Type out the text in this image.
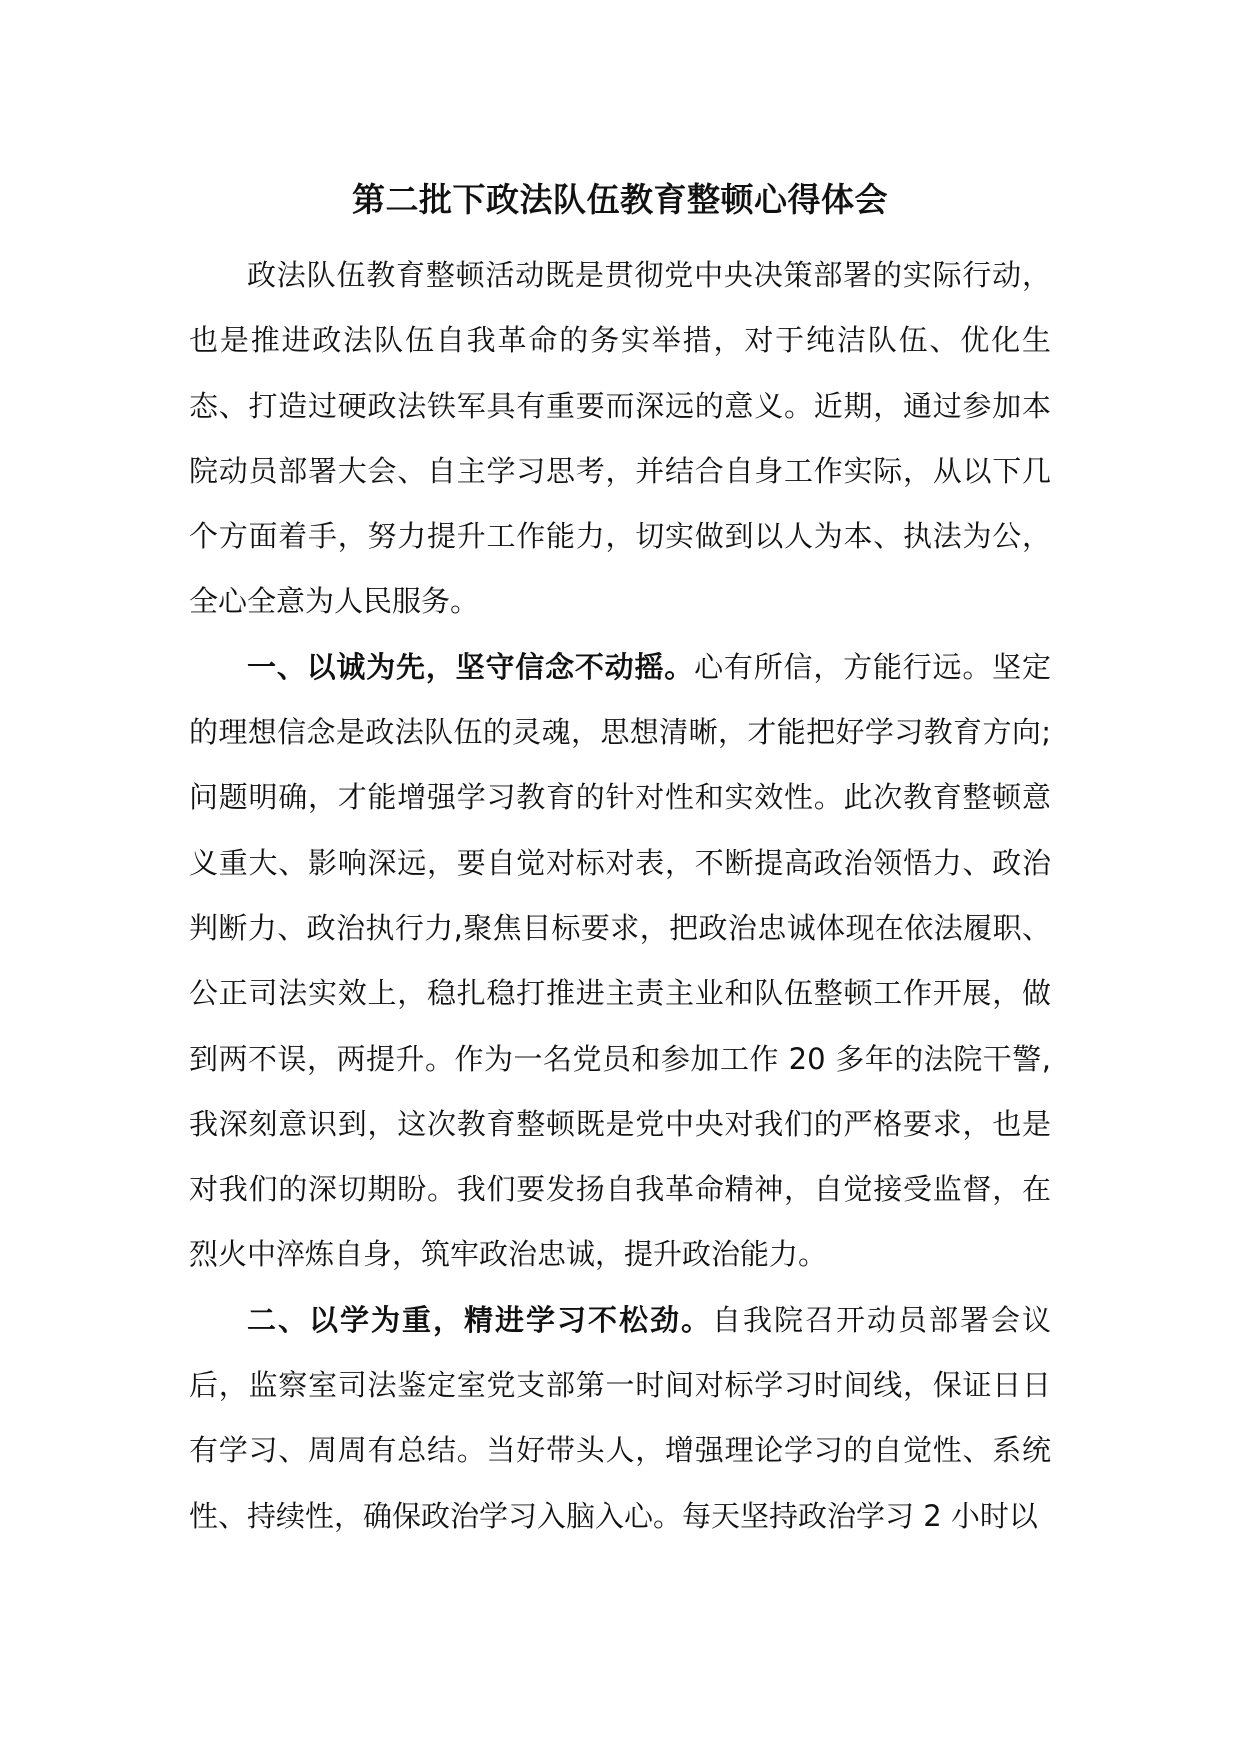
第二批下政法队伍教育整顿心得体会

政法队伍教育整顿活动既是贯彻党中央决策部署的实际行动，也是推进政法队伍自我革命的务实举措，对于纯洁队伍、优化生态、打造过硬政法铁军具有重要而深远的意义。近期，通过参加本院动员部署大会、自主学习思考，并结合自身工作实际，从以下几个方面着手，努力提升工作能力，切实做到以人为本、执法为公，全心全意为人民服务。

一、以诚为先，坚守信念不动摇。心有所信，方能行远。坚定的理想信念是政法队伍的灵魂，思想清晰，才能把好学习教育方向;问题明确，才能增强学习教育的针对性和实效性。此次教育整顿意义重大、影响深远，要自觉对标对表，不断提高政治领悟力、政治判断力、政治执行力,聚焦目标要求，把政治忠诚体现在依法履职、公正司法实效上，稳扎稳打推进主责主业和队伍整顿工作开展，做到两不误，两提升。作为一名党员和参加工作 20 多年的法院干警,我深刻意识到，这次教育整顿既是党中央对我们的严格要求，也是对我们的深切期盼。我们要发扬自我革命精神，自觉接受监督，在烈火中淬炼自身，筑牢政治忠诚，提升政治能力。

二、以学为重，精进学习不松劲。自我院召开动员部署会议后，监察室司法鉴定室党支部第一时间对标学习时间线，保证日日有学习、周周有总结。当好带头人，增强理论学习的自觉性、系统性、持续性，确保政治学习入脑入心。每天坚持政治学习 2 小时以
